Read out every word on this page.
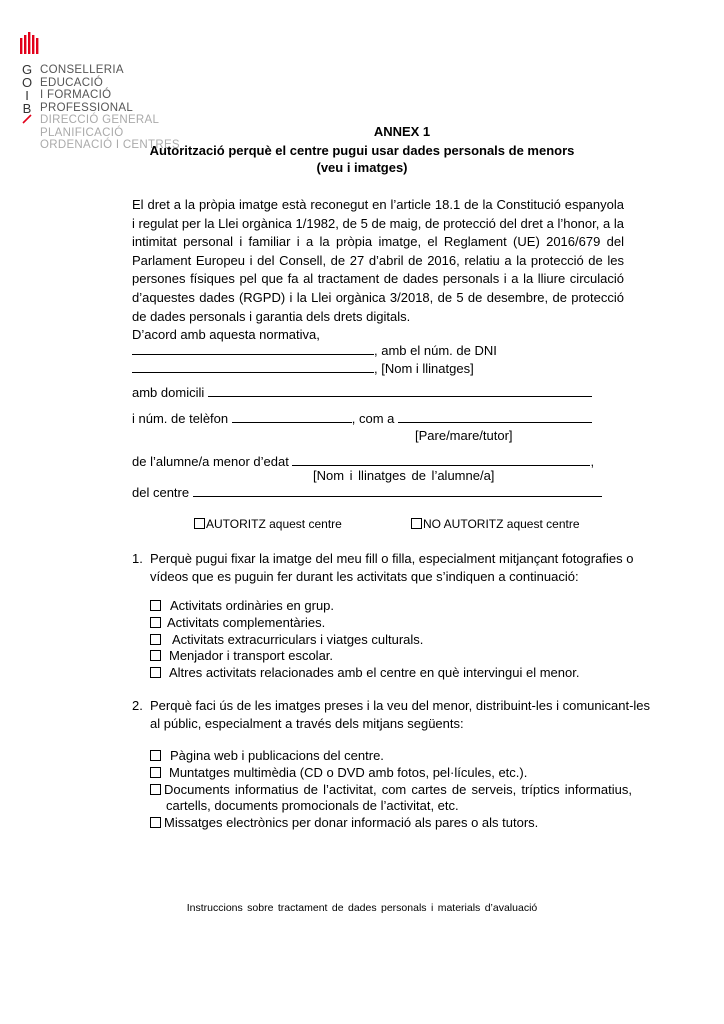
G
O
I
B
CONSELLERIA
EDUCACIÓ
I FORMACIÓ
PROFESSIONAL
DIRECCIÓ GENERAL
PLANIFICACIÓ
ORDENACIÓ I CENTRES
ANNEX 1
Autorització perquè el centre pugui usar dades personals de menors
(veu i imatges)

El dret a la pròpia imatge està reconegut en l’article 18.1 de la Constitució espanyola i regulat per la Llei orgànica 1/1982, de 5 de maig, de protecció del dret a l’honor, a la intimitat personal i familiar i a la pròpia imatge, el Reglament (UE) 2016/679 del Parlament Europeu i del Consell, de 27 d’abril de 2016, relatiu a la protecció de les persones físiques pel que fa al tractament de dades personals i a la lliure circulació d’aquestes dades (RGPD) i la Llei orgànica 3/2018, de 5 de desembre, de protecció de dades personals i garantia dels drets digitals.

D’acord amb aquesta normativa,

, amb el núm. de DNI
, [Nom i llinatges]
amb domicili
i núm. de telèfon	, com a
[Pare/mare/tutor]
de l’alumne/a menor d’edat	,
[Nom i llinatges de l’alumne/a]
del centre
AUTORITZ aquest centre	NO AUTORITZ aquest centre
1. Perquè pugui fixar la imatge del meu fill o filla, especialment mitjançant fotografies o
vídeos que es puguin fer durant les activitats que s’indiquen a continuació:
Activitats ordinàries en grup.
Activitats complementàries.
Activitats extracurriculars i viatges culturals.
Menjador i transport escolar.
Altres activitats relacionades amb el centre en què intervingui el menor.
2. Perquè faci ús de les imatges preses i la veu del menor, distribuint-les i comunicant-les
al públic, especialment a través dels mitjans següents:
Pàgina web i publicacions del centre.
Muntatges multimèdia (CD o DVD amb fotos, pel·lícules, etc.).
Documents informatius de l’activitat, com cartes de serveis, tríptics informatius,
cartells, documents promocionals de l’activitat, etc.
Missatges electrònics per donar informació als pares o als tutors.
Instruccions sobre tractament de dades personals i materials d’avaluació
